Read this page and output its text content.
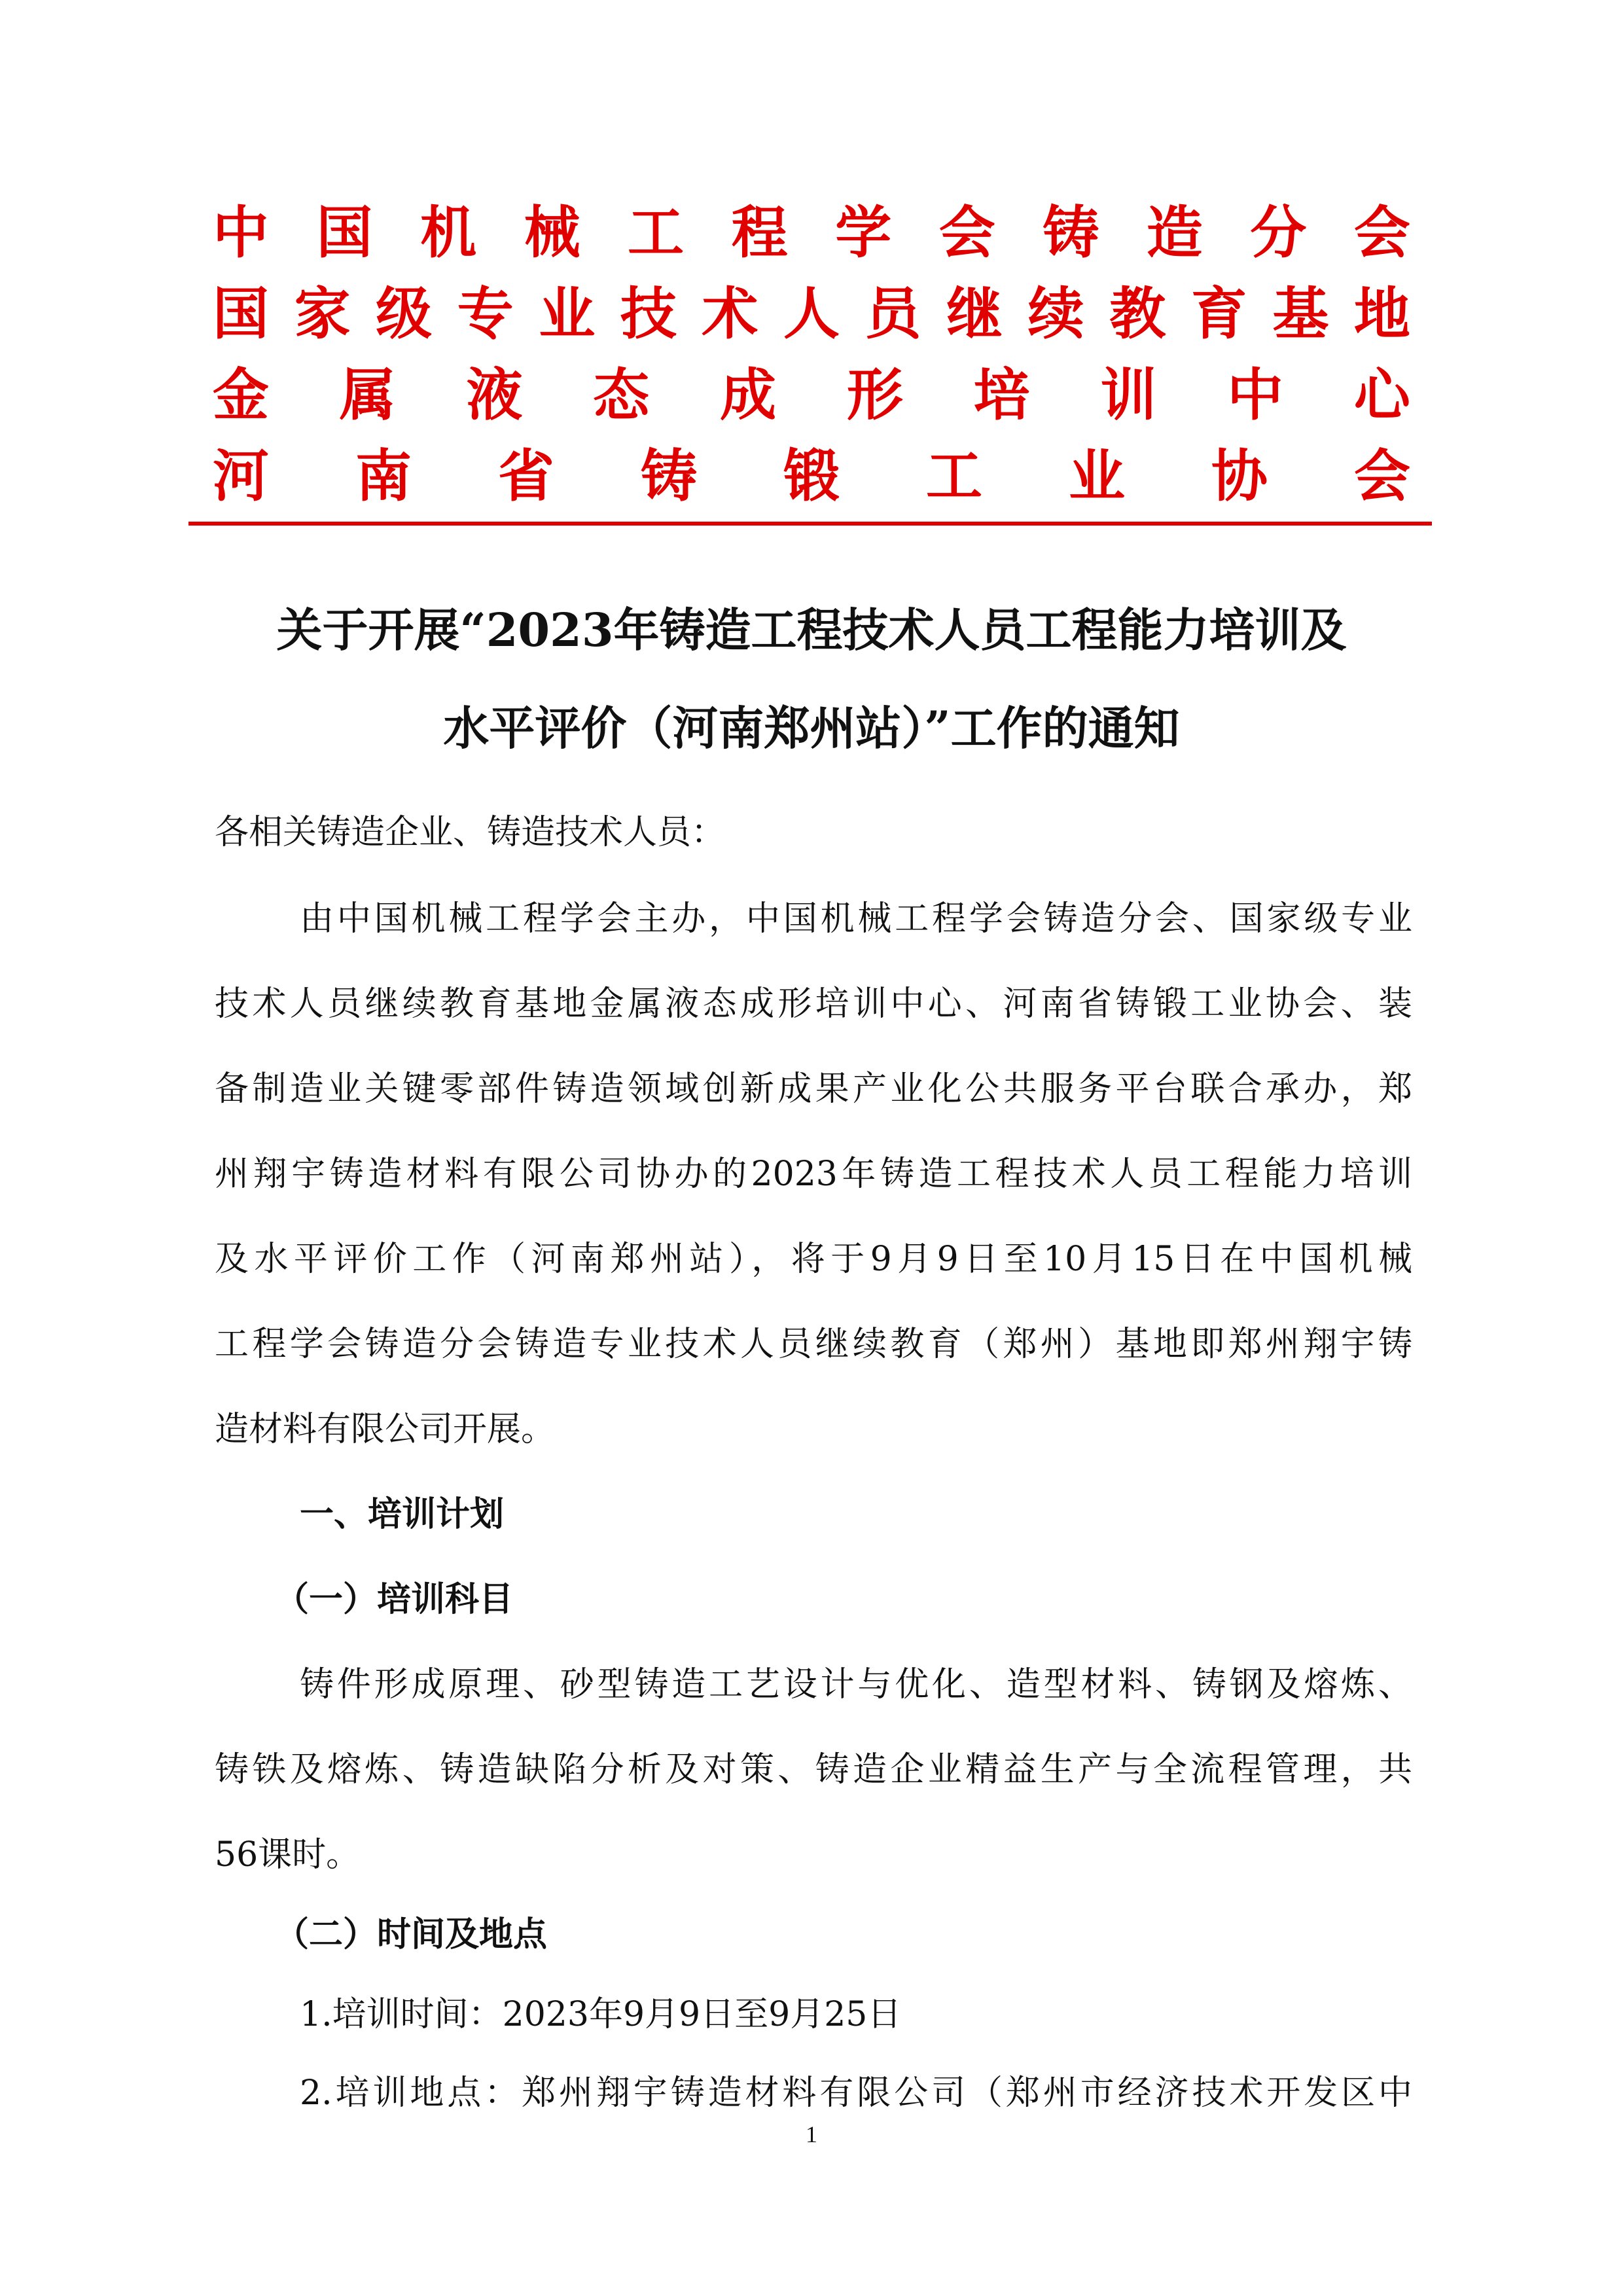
中 国 机 械 工 程 学 会 铸 造 分 会
国 家 级 专 业 技 术 人 员 继 续 教 育 基 地
金 属 液 态 成 形 培 训 中 心
河 南 省 铸 锻 工 业 协 会
关于开展“2023年铸造工程技术人员工程能力培训及
水平评价（河南郑州站）”工作的通知
各相关铸造企业、铸造技术人员：
由中国机械工程学会主办，中国机械工程学会铸造分会、国家级专业
技术人员继续教育基地金属液态成形培训中心、河南省铸锻工业协会、装
备制造业关键零部件铸造领域创新成果产业化公共服务平台联合承办，郑
州翔宇铸造材料有限公司协办的2023年铸造工程技术人员工程能力培训
及水平评价工作（河南郑州站），将于9月9日至10月15日在中国机械
工程学会铸造分会铸造专业技术人员继续教育（郑州）基地即郑州翔宇铸
造材料有限公司开展。
一、培训计划
（一）培训科目
铸件形成原理、砂型铸造工艺设计与优化、造型材料、铸钢及熔炼、
铸铁及熔炼、铸造缺陷分析及对策、铸造企业精益生产与全流程管理，共
56课时。
（二）时间及地点
1.培训时间：2023年9月9日至9月25日
2.培训地点：郑州翔宇铸造材料有限公司（郑州市经济技术开发区中
1
